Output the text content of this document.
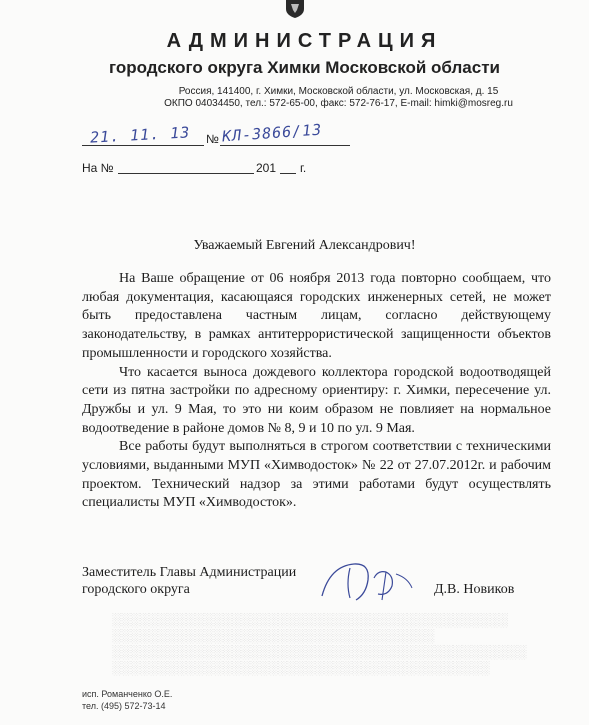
АДМИНИСТРАЦИЯ
городского округа Химки Московской области
Россия, 141400, г. Химки, Московской области, ул. Московская, д. 15
ОКПО 04034450, тел.: 572-65-00, факс: 572-76-17, E-mail: himki@mosreg.ru
21. 11. 13 № КЛ-3866/13
На №	201 г.
Уважаемый Евгений Александрович!

На Ваше обращение от 06 ноября 2013 года повторно сообщаем, что любая документация, касающаяся городских инженерных сетей, не может быть предоставлена частным лицам, согласно действующему законодательству, в рамках антитеррористической защищенности объектов промышленности и городского хозяйства.

Что касается выноса дождевого коллектора городской водоотводящей сети из пятна застройки по адресному ориентиру: г. Химки, пересечение ул. Дружбы и ул. 9 Мая, то это ни коим образом не повлияет на нормальное водоотведение в районе домов № 8, 9 и 10 по ул. 9 Мая.

Все работы будут выполняться в строгом соответствии с техническими условиями, выданными МУП «Химводосток» № 22 от 27.07.2012г. и рабочим проектом. Технический надзор за этими работами будут осуществлять специалисты МУП «Химводосток».

Заместитель Главы Администрации
городского округа	Д.В. Новиков

░░░░░░░░░░░░░░░░░░░░░░░░░░░░░░░░░░░░░░░░░░░

░░░░░░░░░░░░░░░░░░░░░░░░░░░░░░░░░░░

░░░░░░░░░░░░░░░░░░░░░░░░░░░░░░░░░░░░░░░░░░░░░

░░░░░░░░░░░░░░░░░░░░░░░░░░░░░░░░░░░░░░░░░

исп. Романченко О.Е.
тел. (495) 572-73-14
